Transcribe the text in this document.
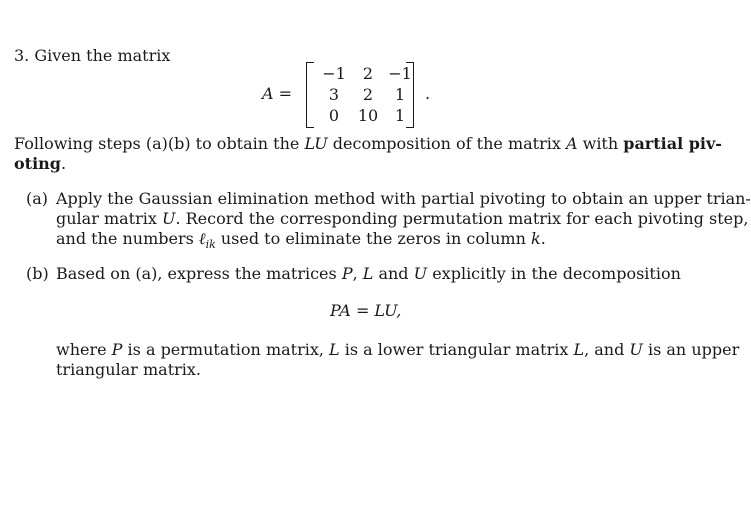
3. Given the matrix
A =
−1	2 −1
3	2	1
0	10	1
.
Following steps (a)(b) to obtain the LU decomposition of the matrix A with partial piv-
oting.
(a) Apply the Gaussian elimination method with partial pivoting to obtain an upper trian-
gular matrix U. Record the corresponding permutation matrix for each pivoting step,
and the numbers ℓ$_{ik}$ used to eliminate the zeros in column k.
(b) Based on (a), express the matrices P, L and U explicitly in the decomposition
PA = LU,
where P is a permutation matrix, L is a lower triangular matrix L, and U is an upper
triangular matrix.
